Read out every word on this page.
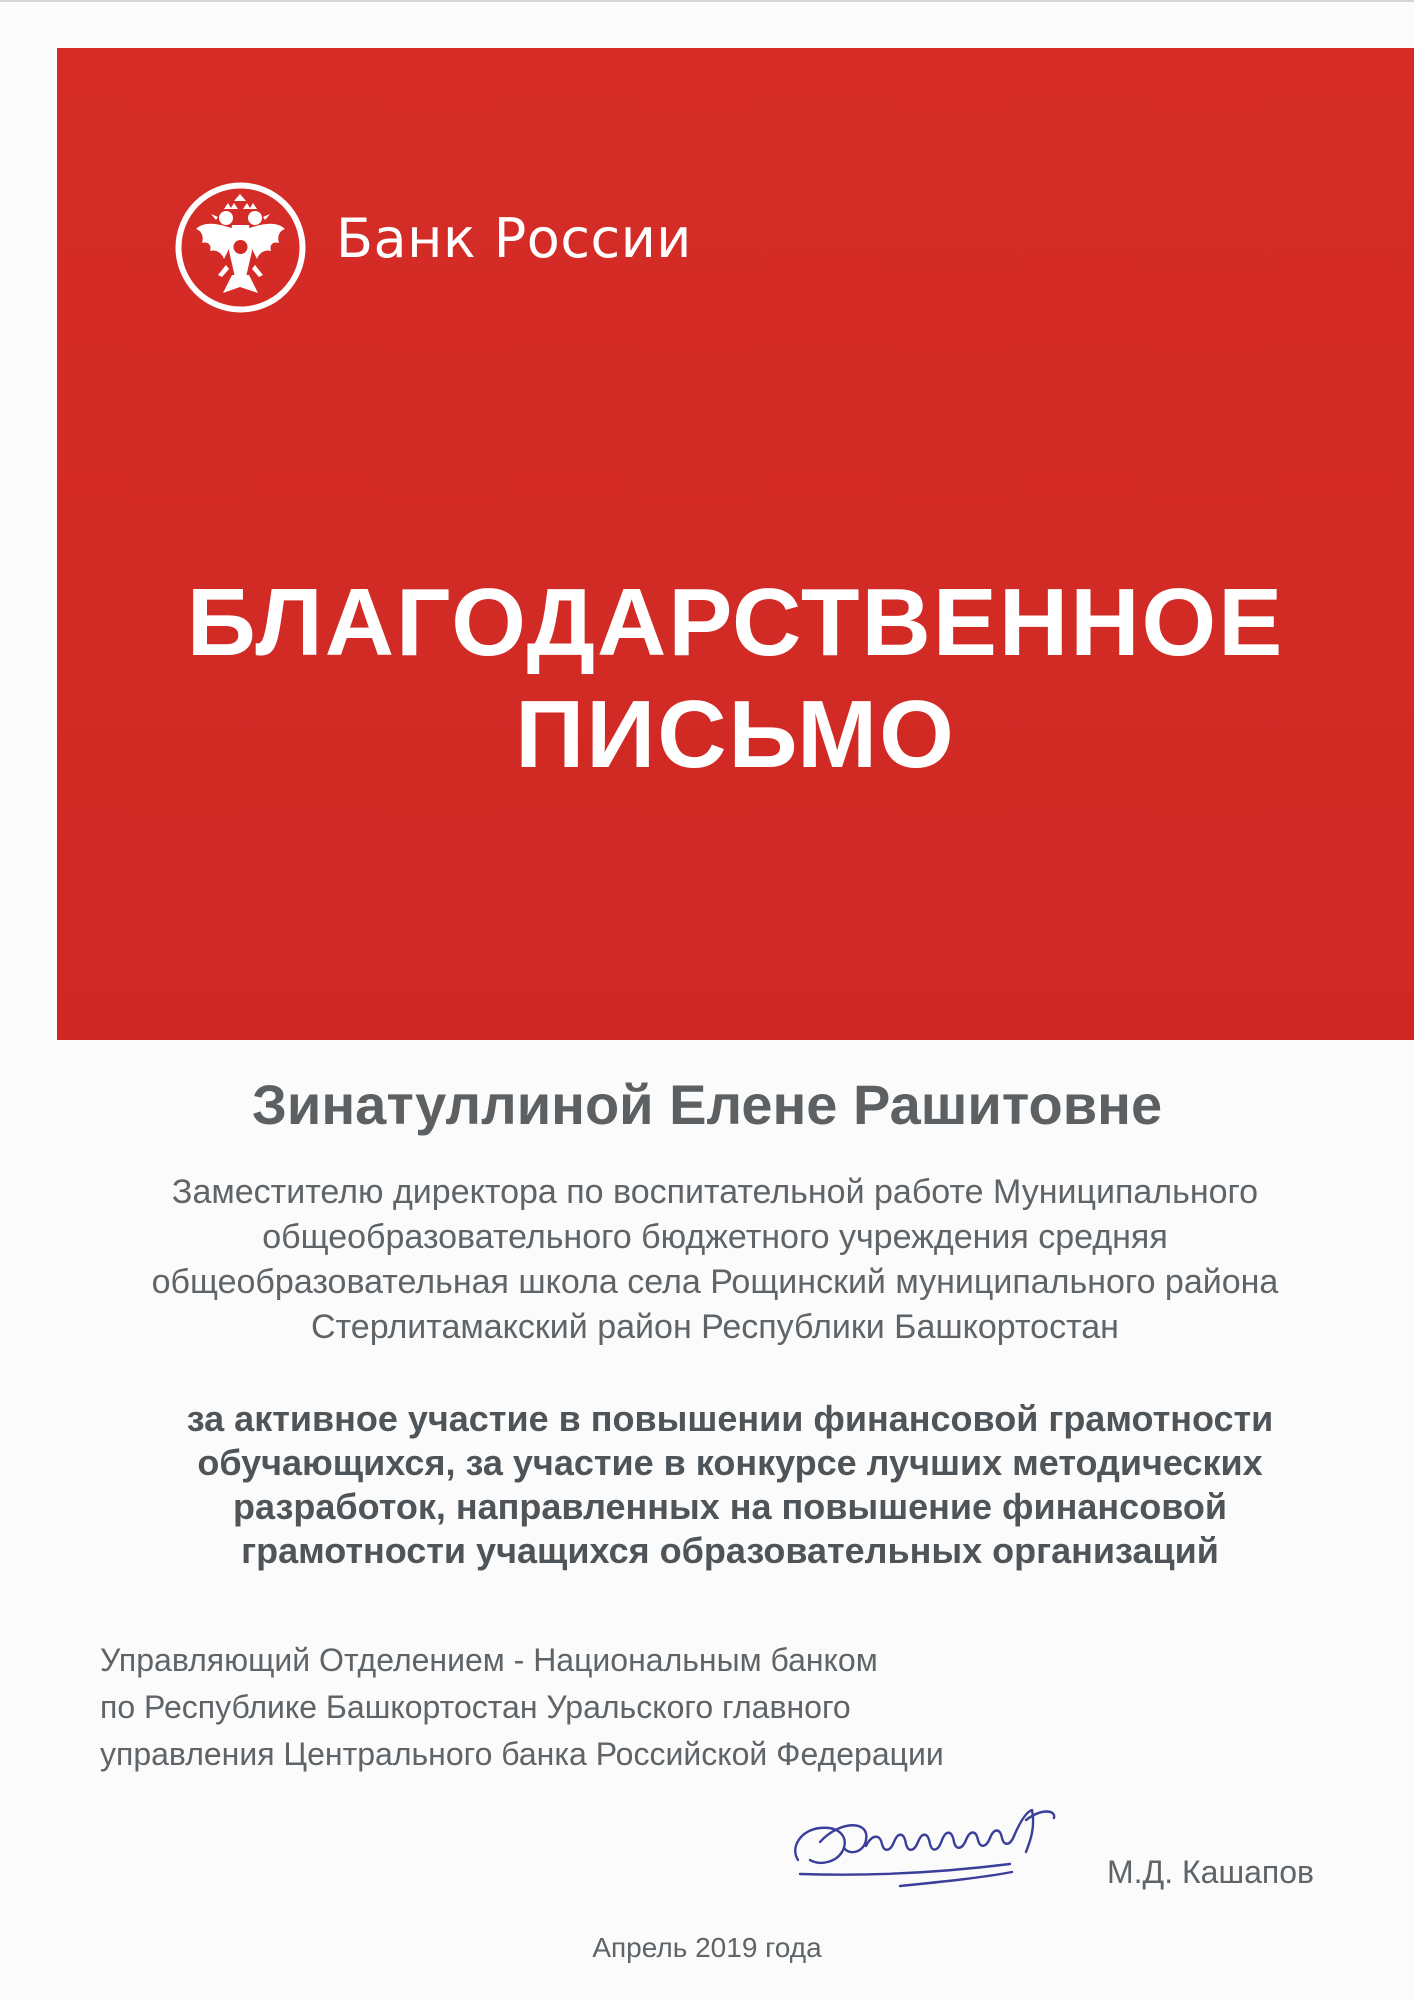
Банк России
БЛАГОДАРСТВЕННОЕ
ПИСЬМО
Зинатуллиной Елене Рашитовне
Заместителю директора по воспитательной работе Муниципального
общеобразовательного бюджетного учреждения средняя
общеобразовательная школа села Рощинский муниципального района
Стерлитамакский район Республики Башкортостан
за активное участие в повышении финансовой грамотности
обучающихся, за участие в конкурсе лучших методических
разработок, направленных на повышение финансовой
грамотности учащихся образовательных организаций
Управляющий Отделением - Национальным банком
по Республике Башкортостан Уральского главного
управления Центрального банка Российской Федерации
М.Д. Кашапов
Апрель 2019 года
